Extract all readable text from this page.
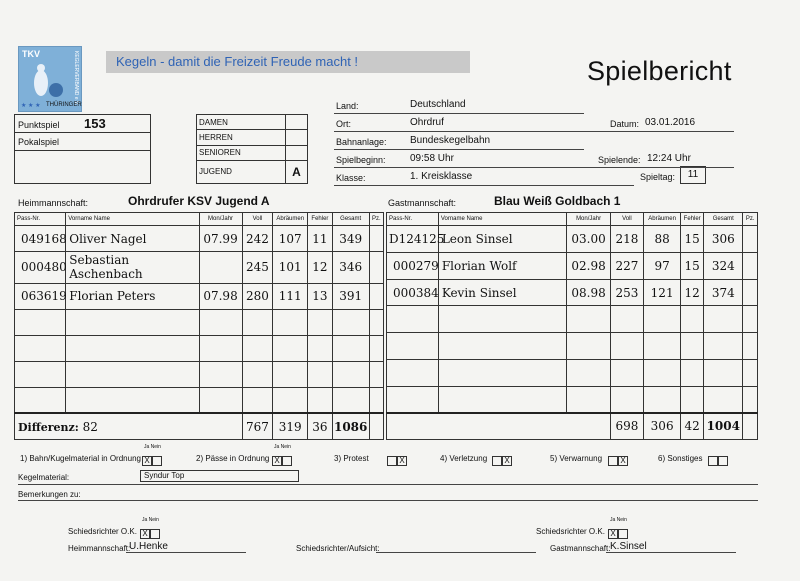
TKV	KEGLERVERBAND e.V.
★ ★ ★ THÜRINGER
Kegeln - damit die Freizeit Freude macht !	Spielbericht
Punktspiel 153
Pokalspiel

DAMEN	
HERREN	
SENIOREN	
JUGEND	A
Land:	Deutschland
Ort:	Ohrdruf	Datum: 03.01.2016
Bahnanlage: Bundeskegelbahn
Spielbeginn: 09:58 Uhr	Spielende: 12:24 Uhr
Klasse:	1. Kreisklasse	Spieltag:	11
Heimmannschaft:	Ohrdrufer KSV Jugend A	Gastmannschaft:	Blau Weiß Goldbach 1
Pass-Nr.	Vorname Name	Mon/Jahr	Voll	Abräumen	Fehler	Gesamt	Pz.
049168	Oliver Nagel	07.99	242	107	11	349	
000480	Sebastian Aschenbach		245	101	12	346	
063619	Florian Peters	07.98	280	111	13	391	

Differenz: 82			767	319	36	1086	
Pass-Nr.	Vorname Name	Mon/Jahr	Voll	Abräumen	Fehler	Gesamt	Pz.
D124125	Leon Sinsel	03.00	218	88	15	306	
000279	Florian Wolf	02.98	227	97	15	324	
000384	Kevin Sinsel	08.98	253	121	12	374	

			698	306	42	1004	
1) Bahn/Kugelmaterial in Ordnung
Ja Nein
X	2) Pässe in Ordnung
Ja Nein
X	3) Protest	X	4) Verletzung	X	5) Verwarnung	X	6) Sonstiges
Kegelmaterial:	Syndur Top
Bemerkungen zu:
Schiedsrichter O.K.
Ja Nein
X	Schiedsrichter O.K.
Ja Nein
X
Heimmannschaft:
U.Henke	Schiedsrichter/Aufsicht:	Gastmannschaft: K.Sinsel
